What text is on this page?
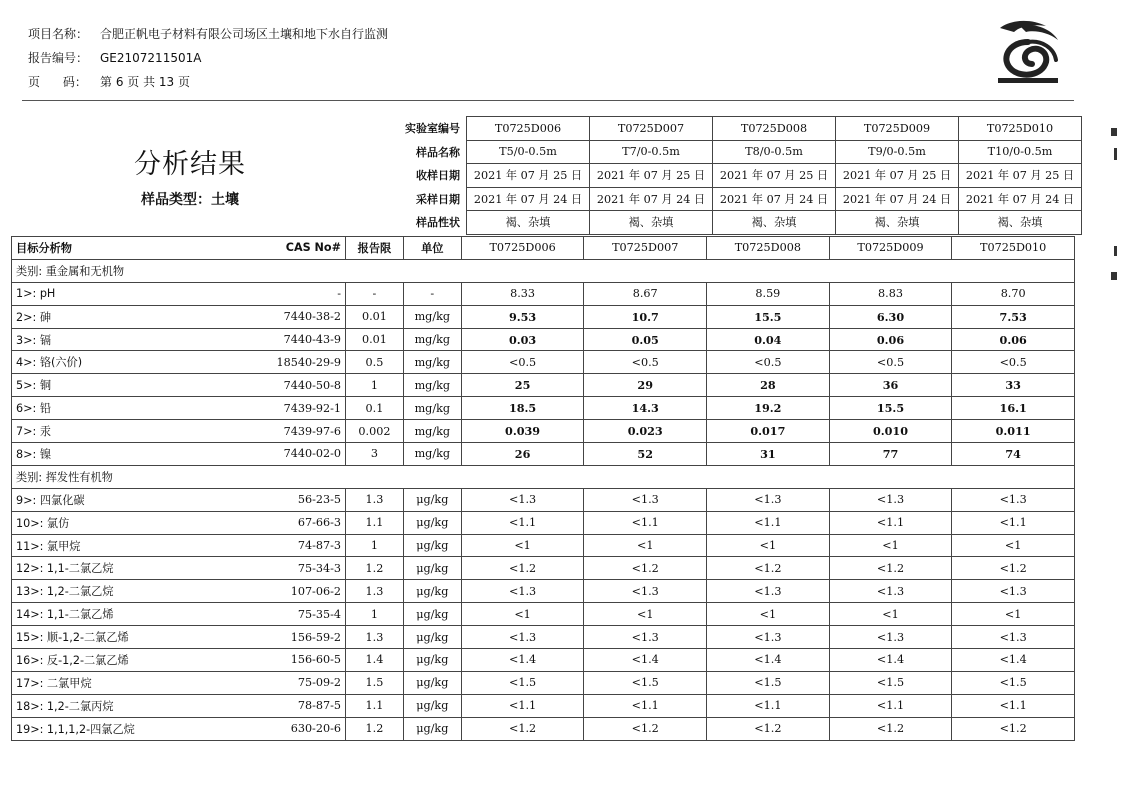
项目名称： 合肥正帆电子材料有限公司场区土壤和地下水自行监测
报告编号： GE2107211501A
页      码：	第 6 页 共 13 页
分析结果
样品类型：土壤
实验室编号	T0725D006	T0725D007	T0725D008	T0725D009	T0725D010
样品名称	T5/0-0.5m	T7/0-0.5m	T8/0-0.5m	T9/0-0.5m	T10/0-0.5m
收样日期	2021 年 07 月 25 日	2021 年 07 月 25 日	2021 年 07 月 25 日	2021 年 07 月 25 日	2021 年 07 月 25 日
采样日期	2021 年 07 月 24 日	2021 年 07 月 24 日	2021 年 07 月 24 日	2021 年 07 月 24 日	2021 年 07 月 24 日
样品性状	褐、杂填	褐、杂填	褐、杂填	褐、杂填	褐、杂填
目标分析物	CAS No#	报告限	单位	T0725D006	T0725D007	T0725D008	T0725D009	T0725D010
类别: 重金属和无机物								
1>: pH	-	-	-	8.33	8.67	8.59	8.83	8.70
2>: 砷	7440-38-2	0.01	mg/kg	9.53	10.7	15.5	6.30	7.53
3>: 镉	7440-43-9	0.01	mg/kg	0.03	0.05	0.04	0.06	0.06
4>: 铬(六价)	18540-29-9	0.5	mg/kg	<0.5	<0.5	<0.5	<0.5	<0.5
5>: 铜	7440-50-8	1	mg/kg	25	29	28	36	33
6>: 铅	7439-92-1	0.1	mg/kg	18.5	14.3	19.2	15.5	16.1
7>: 汞	7439-97-6	0.002	mg/kg	0.039	0.023	0.017	0.010	0.011
8>: 镍	7440-02-0	3	mg/kg	26	52	31	77	74
类别: 挥发性有机物								
9>: 四氯化碳	56-23-5	1.3	μg/kg	<1.3	<1.3	<1.3	<1.3	<1.3
10>: 氯仿	67-66-3	1.1	μg/kg	<1.1	<1.1	<1.1	<1.1	<1.1
11>: 氯甲烷	74-87-3	1	μg/kg	<1	<1	<1	<1	<1
12>: 1,1-二氯乙烷	75-34-3	1.2	μg/kg	<1.2	<1.2	<1.2	<1.2	<1.2
13>: 1,2-二氯乙烷	107-06-2	1.3	μg/kg	<1.3	<1.3	<1.3	<1.3	<1.3
14>: 1,1-二氯乙烯	75-35-4	1	μg/kg	<1	<1	<1	<1	<1
15>: 顺-1,2-二氯乙烯	156-59-2	1.3	μg/kg	<1.3	<1.3	<1.3	<1.3	<1.3
16>: 反-1,2-二氯乙烯	156-60-5	1.4	μg/kg	<1.4	<1.4	<1.4	<1.4	<1.4
17>: 二氯甲烷	75-09-2	1.5	μg/kg	<1.5	<1.5	<1.5	<1.5	<1.5
18>: 1,2-二氯丙烷	78-87-5	1.1	μg/kg	<1.1	<1.1	<1.1	<1.1	<1.1
19>: 1,1,1,2-四氯乙烷	630-20-6	1.2	μg/kg	<1.2	<1.2	<1.2	<1.2	<1.2
